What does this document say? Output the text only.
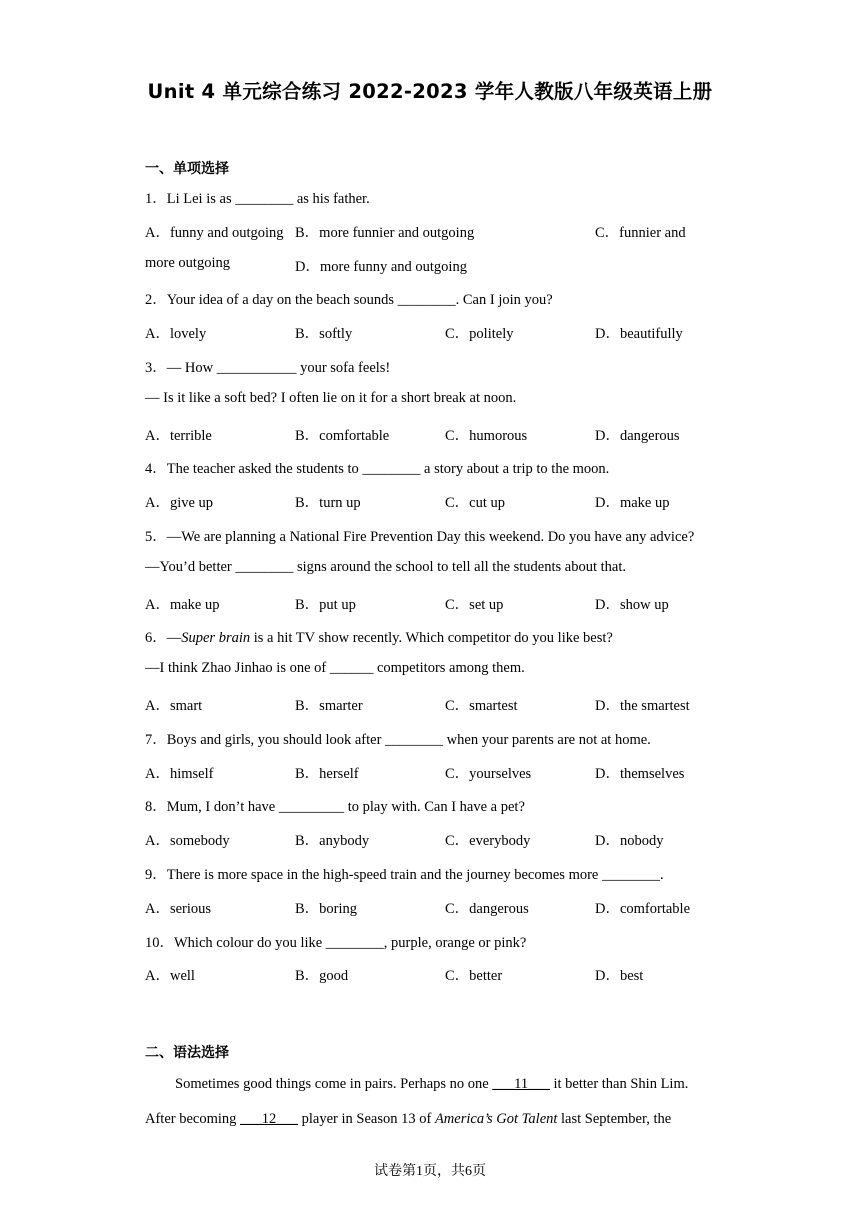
Unit 4 单元综合练习 2022-2023 学年人教版八年级英语上册
一、单项选择
1．Li Lei is as ________ as his father.
A．funny and outgoing B．more funnier and outgoing	C．funnier and
more outgoing	D．more funny and outgoing
2．Your idea of a day on the beach sounds ________. Can I join you?
A．lovely	B．softly	C．politely	D．beautifully
3．— How ___________ your sofa feels!
— Is it like a soft bed? I often lie on it for a short break at noon.
A．terrible	B．comfortable	C．humorous	D．dangerous
4．The teacher asked the students to ________ a story about a trip to the moon.
A．give up	B．turn up	C．cut up	D．make up
5．—We are planning a National Fire Prevention Day this weekend. Do you have any advice?
—You’d better ________ signs around the school to tell all the students about that.
A．make up	B．put up	C．set up	D．show up
6．—Super brain is a hit TV show recently. Which competitor do you like best?
—I think Zhao Jinhao is one of ______ competitors among them.
A．smart	B．smarter	C．smartest	D．the smartest
7．Boys and girls, you should look after ________ when your parents are not at home.
A．himself	B．herself	C．yourselves	D．themselves
8．Mum, I don’t have _________ to play with. Can I have a pet?
A．somebody	B．anybody	C．everybody	D．nobody
9．There is more space in the high-speed train and the journey becomes more ________.
A．serious	B．boring	C．dangerous	D．comfortable
10．Which colour do you like ________, purple, orange or pink?
A．well	B．good	C．better	D．best
二、语法选择
Sometimes good things come in pairs. Perhaps no one ___11___ it better than Shin Lim.
After becoming ___12___ player in Season 13 of America’s Got Talent last September, the
试卷第1页，共6页
